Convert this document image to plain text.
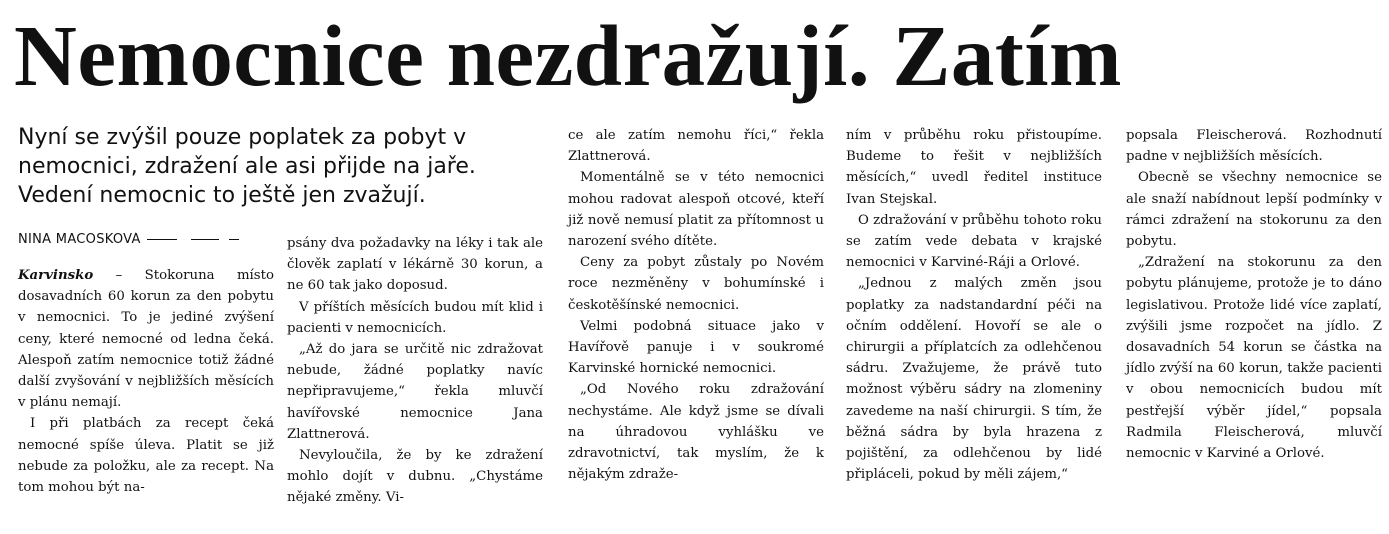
Nemocnice nezdražují. Zatím

Nyní se zvýšil pouze poplatek za pobyt v nemocnici, zdražení ale asi přijde na jaře. Vedení nemocnic to ještě jen zvažují.

NINA MACOŠKOVÁ

Karvinsko – Stokoruna místo dosavadních 60 korun za den pobytu v nemocnici. To je jediné zvýšení ceny, které nemocné od ledna čeká. Alespoň zatím nemocnice totiž žádné další zvyšování v nejbližších měsících v plánu nemají.

I při platbách za recept čeká nemocné spíše úleva. Platit se již nebude za položku, ale za recept. Na tom mohou být na-

psány dva požadavky na léky i tak ale člověk zaplatí v lékárně 30 korun, a ne 60 tak jako doposud.

V příštích měsících budou mít klid i pacienti v nemocnicích.

„Až do jara se určitě nic zdražovat nebude, žádné poplatky navíc nepřipravujeme,“ řekla mluvčí havířovské nemocnice Jana Zlattnerová.

Nevyloučila, že by ke zdražení mohlo dojít v dubnu. „Chystáme nějaké změny. Vi-

ce ale zatím nemohu říci,“ řekla Zlattnerová.

Momentálně se v této nemocnici mohou radovat alespoň otcové, kteří již nově nemusí platit za přítomnost u narození svého dítěte.

Ceny za pobyt zůstaly po Novém roce nezměněny v bohumínské i českotěšínské nemocnici.

Velmi podobná situace jako v Havířově panuje i v soukromé Karvinské hornické nemocnici.

„Od Nového roku zdražování nechystáme. Ale když jsme se dívali na úhradovou vyhlášku ve zdravotnictví, tak myslím, že k nějakým zdraže-

ním v průběhu roku přistoupíme. Budeme to řešit v nejbližších měsících,“ uvedl ředitel instituce Ivan Stejskal.

O zdražování v průběhu tohoto roku se zatím vede debata v krajské nemocnici v Karviné-Ráji a Orlové.

„Jednou z malých změn jsou poplatky za nadstandardní péči na očním oddělení. Hovoří se ale o chirurgii a příplatcích za odlehčenou sádru. Zvažujeme, že právě tuto možnost výběru sádry na zlomeniny zavedeme na naší chirurgii. S tím, že běžná sádra by byla hrazena z pojištění, za odlehčenou by lidé připláceli, pokud by měli zájem,“

popsala Fleischerová. Rozhodnutí padne v nejbližších měsících.

Obecně se všechny nemocnice se ale snaží nabídnout lepší podmínky v rámci zdražení na stokorunu za den pobytu.

„Zdražení na stokorunu za den pobytu plánujeme, protože je to dáno legislativou. Protože lidé více zaplatí, zvýšili jsme rozpočet na jídlo. Z dosavadních 54 korun se částka na jídlo zvýší na 60 korun, takže pacienti v obou nemocnicích budou mít pestřejší výběr jídel,“ popsala Radmila Fleischerová, mluvčí nemocnic v Karviné a Orlové.
